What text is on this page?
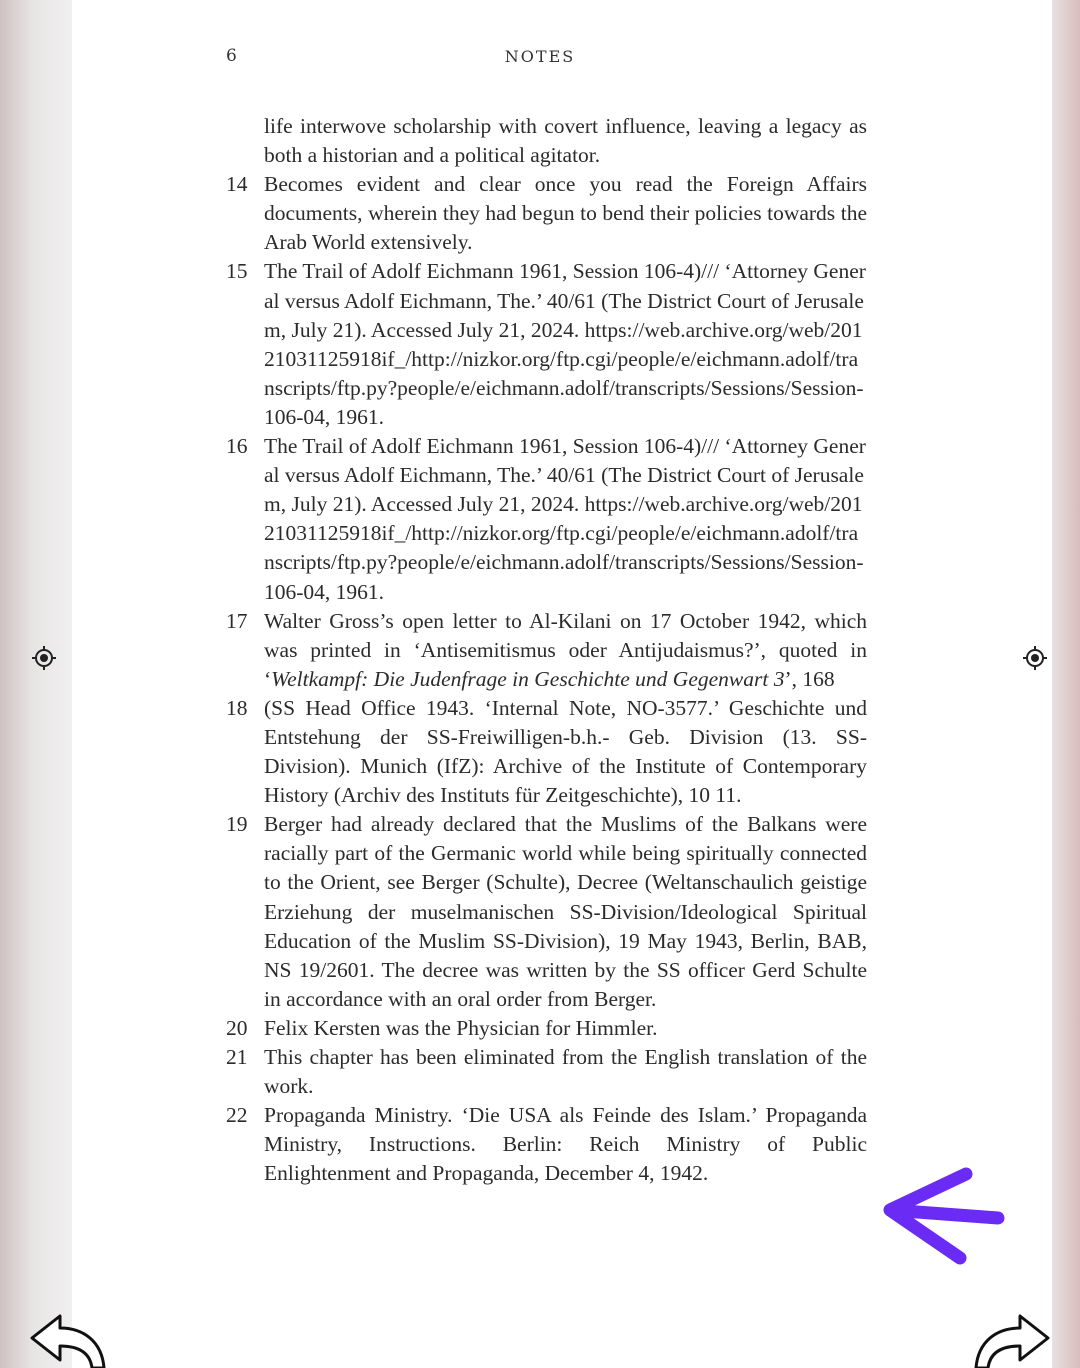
6	NOTES
life interwove scholarship with covert influence, leaving a legacy as both a historian and a political agitator.
14 Becomes evident and clear once you read the Foreign Affairs documents, wherein they had begun to bend their policies towards the Arab World extensively.
15 The Trail of Adolf Eichmann 1961, Session 106-4)/// ‘Attorney General versus Adolf Eichmann, The.’ 40/61 (The District Court of Jerusalem, July 21). Accessed July 21, 2024. https://web.archive.org/web/20121031125918if_/http://nizkor.org/ftp.cgi/people/e/eichmann.adolf/transcripts/ftp.py?people/e/eichmann.adolf/transcripts/Sessions/Session-106-04, 1961.
16 The Trail of Adolf Eichmann 1961, Session 106-4)/// ‘Attorney General versus Adolf Eichmann, The.’ 40/61 (The District Court of Jerusalem, July 21). Accessed July 21, 2024. https://web.archive.org/web/20121031125918if_/http://nizkor.org/ftp.cgi/people/e/eichmann.adolf/transcripts/ftp.py?people/e/eichmann.adolf/transcripts/Sessions/Session-106-04, 1961.
17 Walter Gross’s open letter to Al-Kilani on 17 October 1942, which was printed in ‘Antisemitismus oder Antijudaismus?’, quoted in ‘Weltkampf: Die Judenfrage in Geschichte und Gegenwart 3’, 168
18 (SS Head Office 1943. ‘Internal Note, NO-3577.’ Geschichte und Entstehung der SS-Freiwilligen-b.h.- Geb. Division (13. SS-Division). Munich (IfZ): Archive of the Institute of Contemporary History (Archiv des Instituts für Zeitgeschichte), 10 11.
19 Berger had already declared that the Muslims of the Balkans were racially part of the Germanic world while being spiritually connected to the Orient, see Berger (Schulte), Decree (Weltanschaulich geistige Erziehung der muselmanischen SS-Division/Ideological Spiritual Education of the Muslim SS-Division), 19 May 1943, Berlin, BAB, NS 19/2601. The decree was written by the SS officer Gerd Schulte in accordance with an oral order from Berger.
20 Felix Kersten was the Physician for Himmler.
21 This chapter has been eliminated from the English translation of the work.
22 Propaganda Ministry. ‘Die USA als Feinde des Islam.’ Propaganda Ministry, Instructions. Berlin: Reich Ministry of Public Enlightenment and Propaganda, December 4, 1942.
